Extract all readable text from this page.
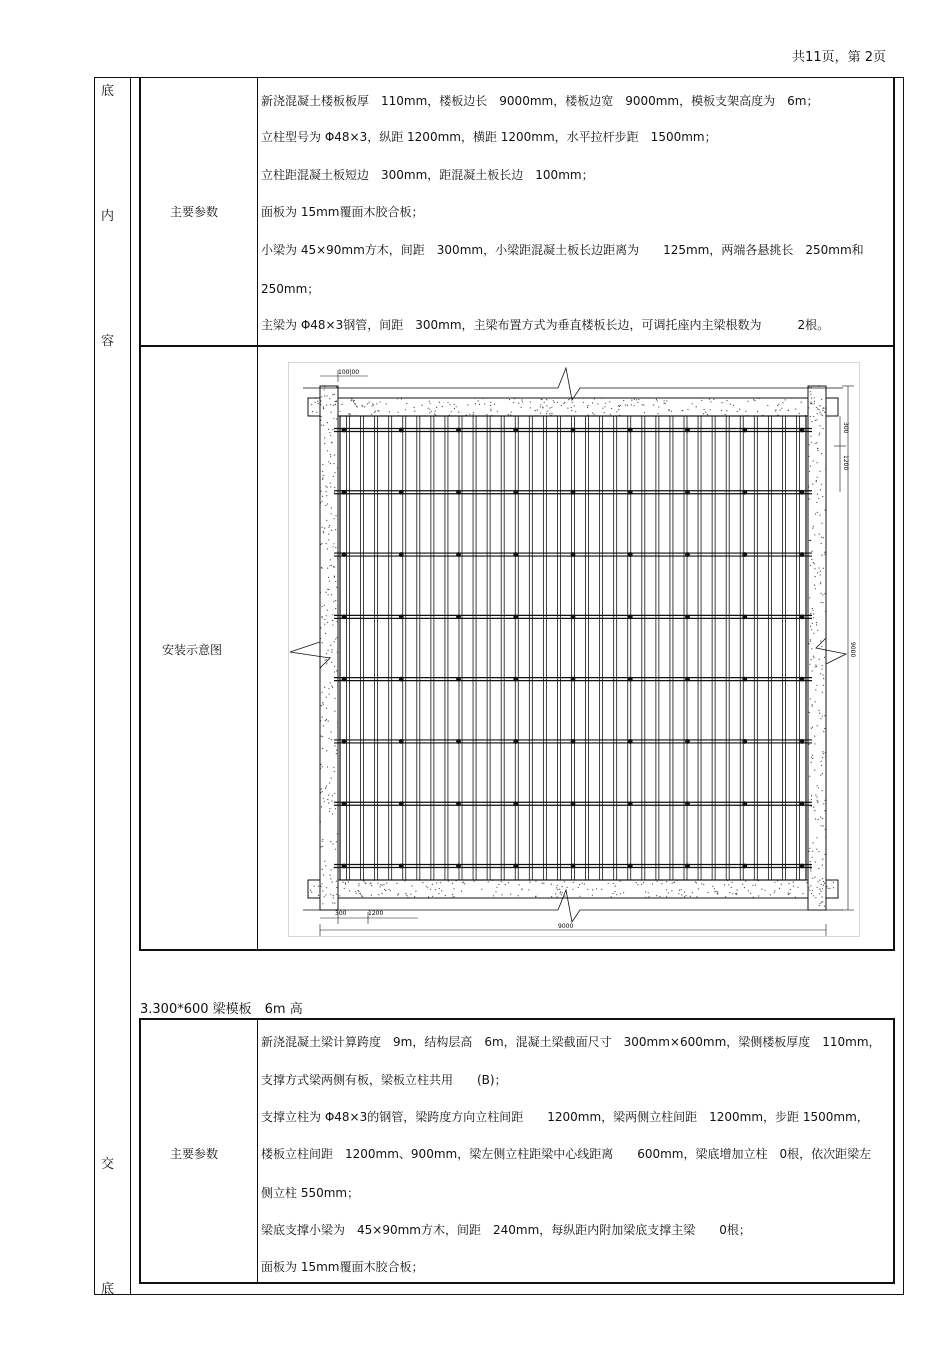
共11页，第 2页
底
内
容
交
底
主要参数
新浇混凝土楼板板厚　110mm，楼板边长　9000mm，楼板边宽　9000mm，模板支架高度为　6m；
立柱型号为 Φ48×3，纵距 1200mm，横距 1200mm，水平拉杆步距　1500mm；
立柱距混凝土板短边　300mm，距混凝土板长边　100mm；
面板为 15mm覆面木胶合板；
小梁为 45×90mm方木，间距　300mm，小梁距混凝土板长边距离为　　125mm，两端各悬挑长　250mm和
250mm；
主梁为 Φ48×3钢管，间距　300mm，主梁布置方式为垂直楼板长边，可调托座内主梁根数为　　　2根。
安装示意图
100|00
300	1200
9000
300
1200
9000
3.300*600 梁模板　6m 高
主要参数
新浇混凝土梁计算跨度　9m，结构层高　6m，混凝土梁截面尺寸　300mm×600mm，梁侧楼板厚度　110mm，
支撑方式梁两侧有板，梁板立柱共用　　(B)；
支撑立柱为 Φ48×3的钢管，梁跨度方向立柱间距　　1200mm，梁两侧立柱间距　1200mm，步距 1500mm，
楼板立柱间距　1200mm、900mm，梁左侧立柱距梁中心线距离　　600mm，梁底增加立柱　0根，依次距梁左
侧立柱 550mm；
梁底支撑小梁为　45×90mm方木，间距　240mm，每纵距内附加梁底支撑主梁　　0根；
面板为 15mm覆面木胶合板；
